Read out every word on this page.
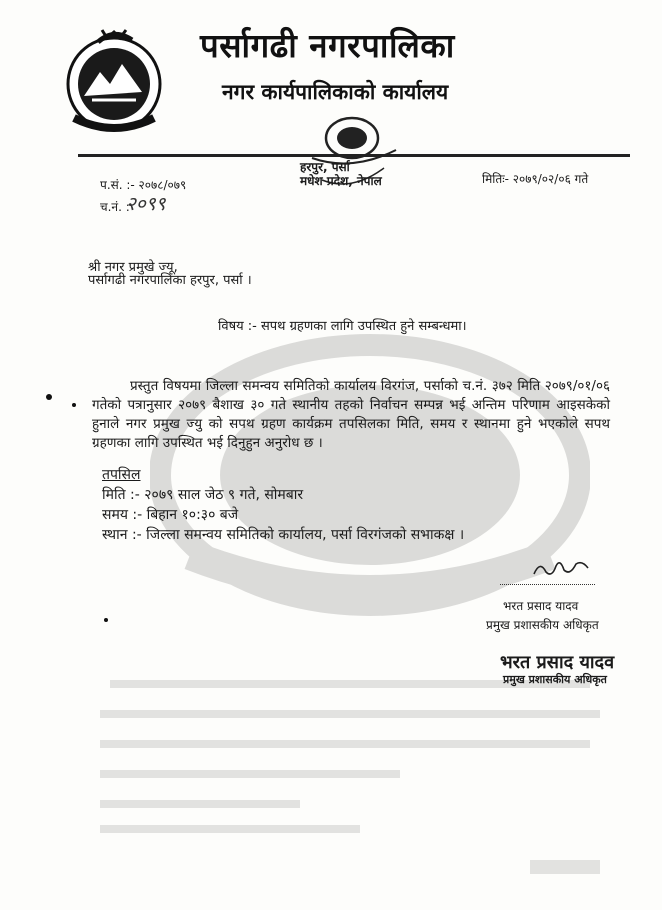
पर्सागढी नगरपालिका
नगर कार्यपालिकाको कार्यालय
हरपुर, पर्सा
मधेश प्रदेश, नेपाल
प.सं. :- २०७८/०७९
च.नं. :
२०९९
मितिः- २०७९/०२/०६ गते
श्री नगर प्रमुखे ज्यू,
पर्सागढी नगरपालिका हरपुर, पर्सा ।
विषय :- सपथ ग्रहणका लागि उपस्थित हुने सम्बन्धमा।

प्रस्तुत विषयमा जिल्ला समन्वय समितिको कार्यालय विरगंज, पर्साको च.नं. ३७२ मिति २०७९/०१/०६ गतेको पत्रानुसार २०७९ बैशाख ३० गते स्थानीय तहको निर्वाचन सम्पन्न भई अन्तिम परिणाम आइसकेको हुनाले नगर प्रमुख ज्यु को सपथ ग्रहण कार्यक्रम तपसिलका मिति, समय र स्थानमा हुने भएकोले सपथ ग्रहणका लागि उपस्थित भई दिनुहुन अनुरोध छ ।

तपसिल
मिति :- २०७९ साल जेठ ९ गते, सोमबार
समय :- बिहान १०:३० बजे
स्थान :- जिल्ला समन्वय समितिको कार्यालय, पर्सा विरगंजको सभाकक्ष ।
भरत प्रसाद यादव
प्रमुख प्रशासकीय अधिकृत
भरत प्रसाद यादव
प्रमुख प्रशासकीय अधिकृत
